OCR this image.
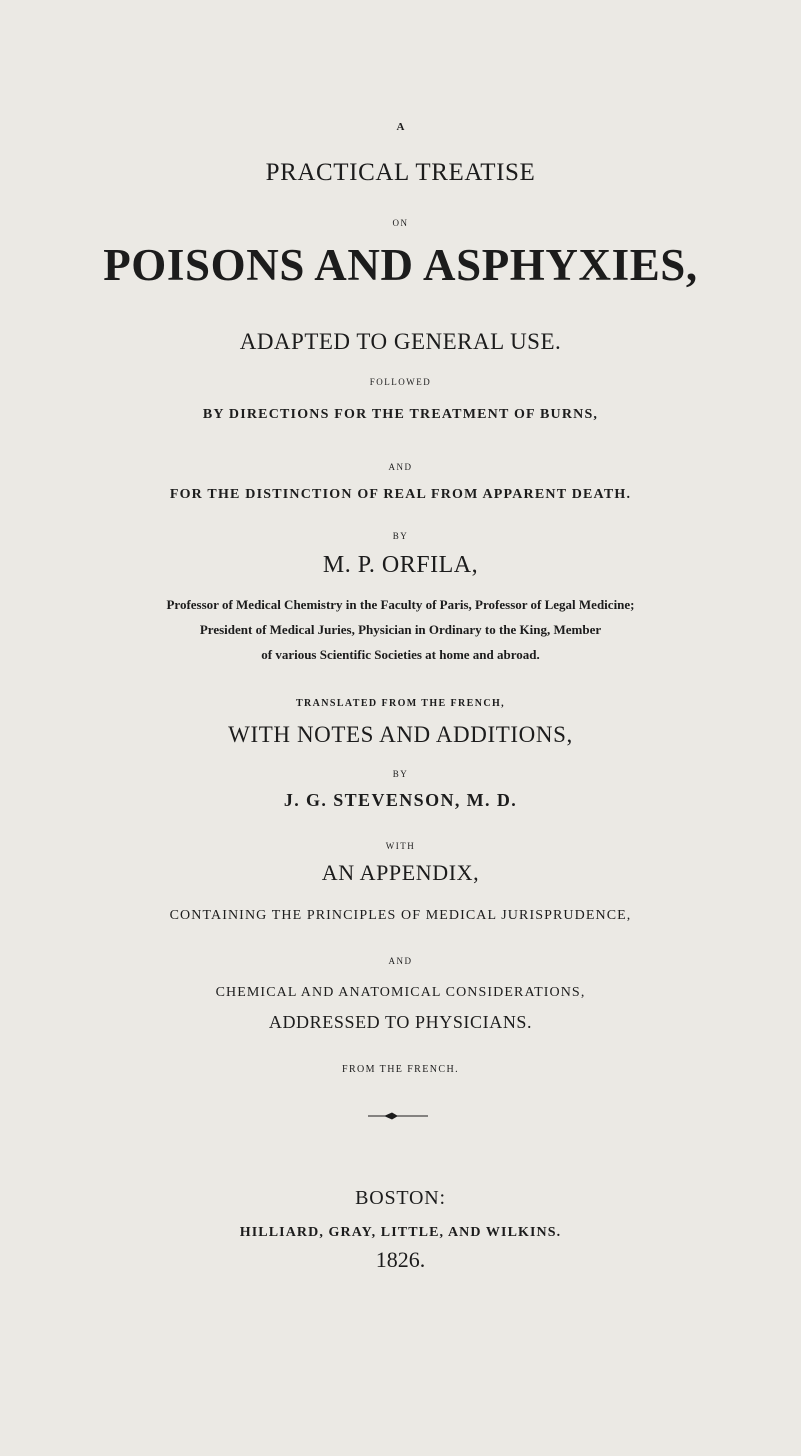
A
PRACTICAL TREATISE
ON
POISONS AND ASPHYXIES,
ADAPTED TO GENERAL USE.
FOLLOWED
BY DIRECTIONS FOR THE TREATMENT OF BURNS,
AND
FOR THE DISTINCTION OF REAL FROM APPARENT DEATH.
BY
M. P. ORFILA,
Professor of Medical Chemistry in the Faculty of Paris, Professor of Legal Medicine;
President of Medical Juries, Physician in Ordinary to the King, Member
of various Scientific Societies at home and abroad.
TRANSLATED FROM THE FRENCH,
WITH NOTES AND ADDITIONS,
BY
J. G. STEVENSON, M. D.
WITH
AN APPENDIX,
CONTAINING THE PRINCIPLES OF MEDICAL JURISPRUDENCE,
AND
CHEMICAL AND ANATOMICAL CONSIDERATIONS,
ADDRESSED TO PHYSICIANS.
FROM THE FRENCH.
BOSTON:
HILLIARD, GRAY, LITTLE, AND WILKINS.
1826.
